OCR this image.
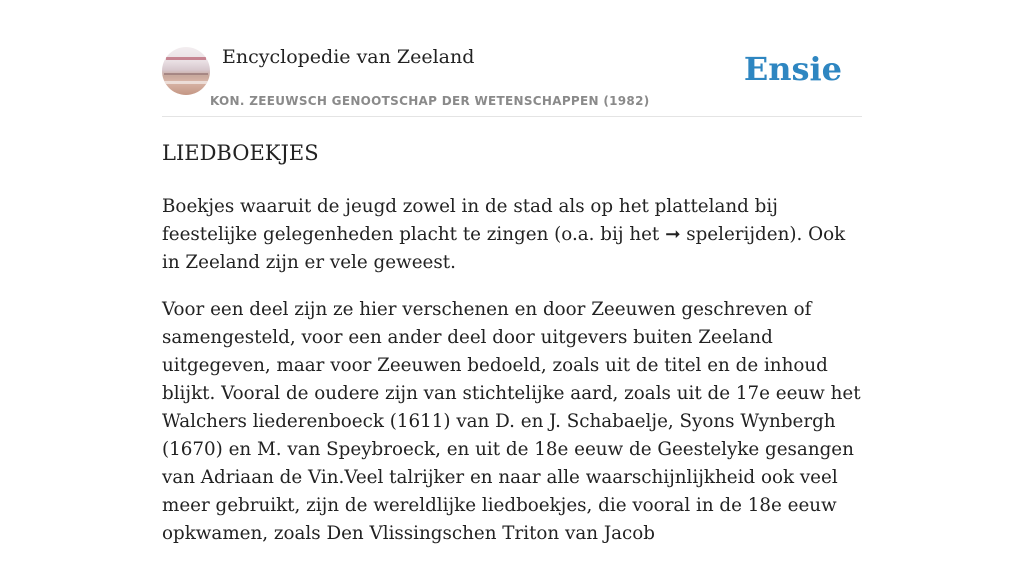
Encyclopedie van Zeeland
KON. ZEEUWSCH GENOOTSCHAP DER WETENSCHAPPEN (1982)
Ensie
LIEDBOEKJES

Boekjes waaruit de jeugd zowel in de stad als op het platteland bij feestelijke gelegenheden placht te zingen (o.a. bij het ➞ spelerijden). Ook in Zeeland zijn er vele geweest.

Voor een deel zijn ze hier verschenen en door Zeeuwen geschreven of samengesteld, voor een ander deel door uitgevers buiten Zeeland uitgegeven, maar voor Zeeuwen bedoeld, zoals uit de titel en de inhoud blijkt. Vooral de oudere zijn van stichtelijke aard, zoals uit de 17e eeuw het Walchers liederenboeck (1611) van D. en J. Schabaelje, Syons Wynbergh (1670) en M. van Speybroeck, en uit de 18e eeuw de Geestelyke gesangen van Adriaan de Vin.Veel talrijker en naar alle waarschijnlijkheid ook veel meer gebruikt, zijn de wereldlijke liedboekjes, die vooral in de 18e eeuw opkwamen, zoals Den Vlissingschen Triton van Jacob
